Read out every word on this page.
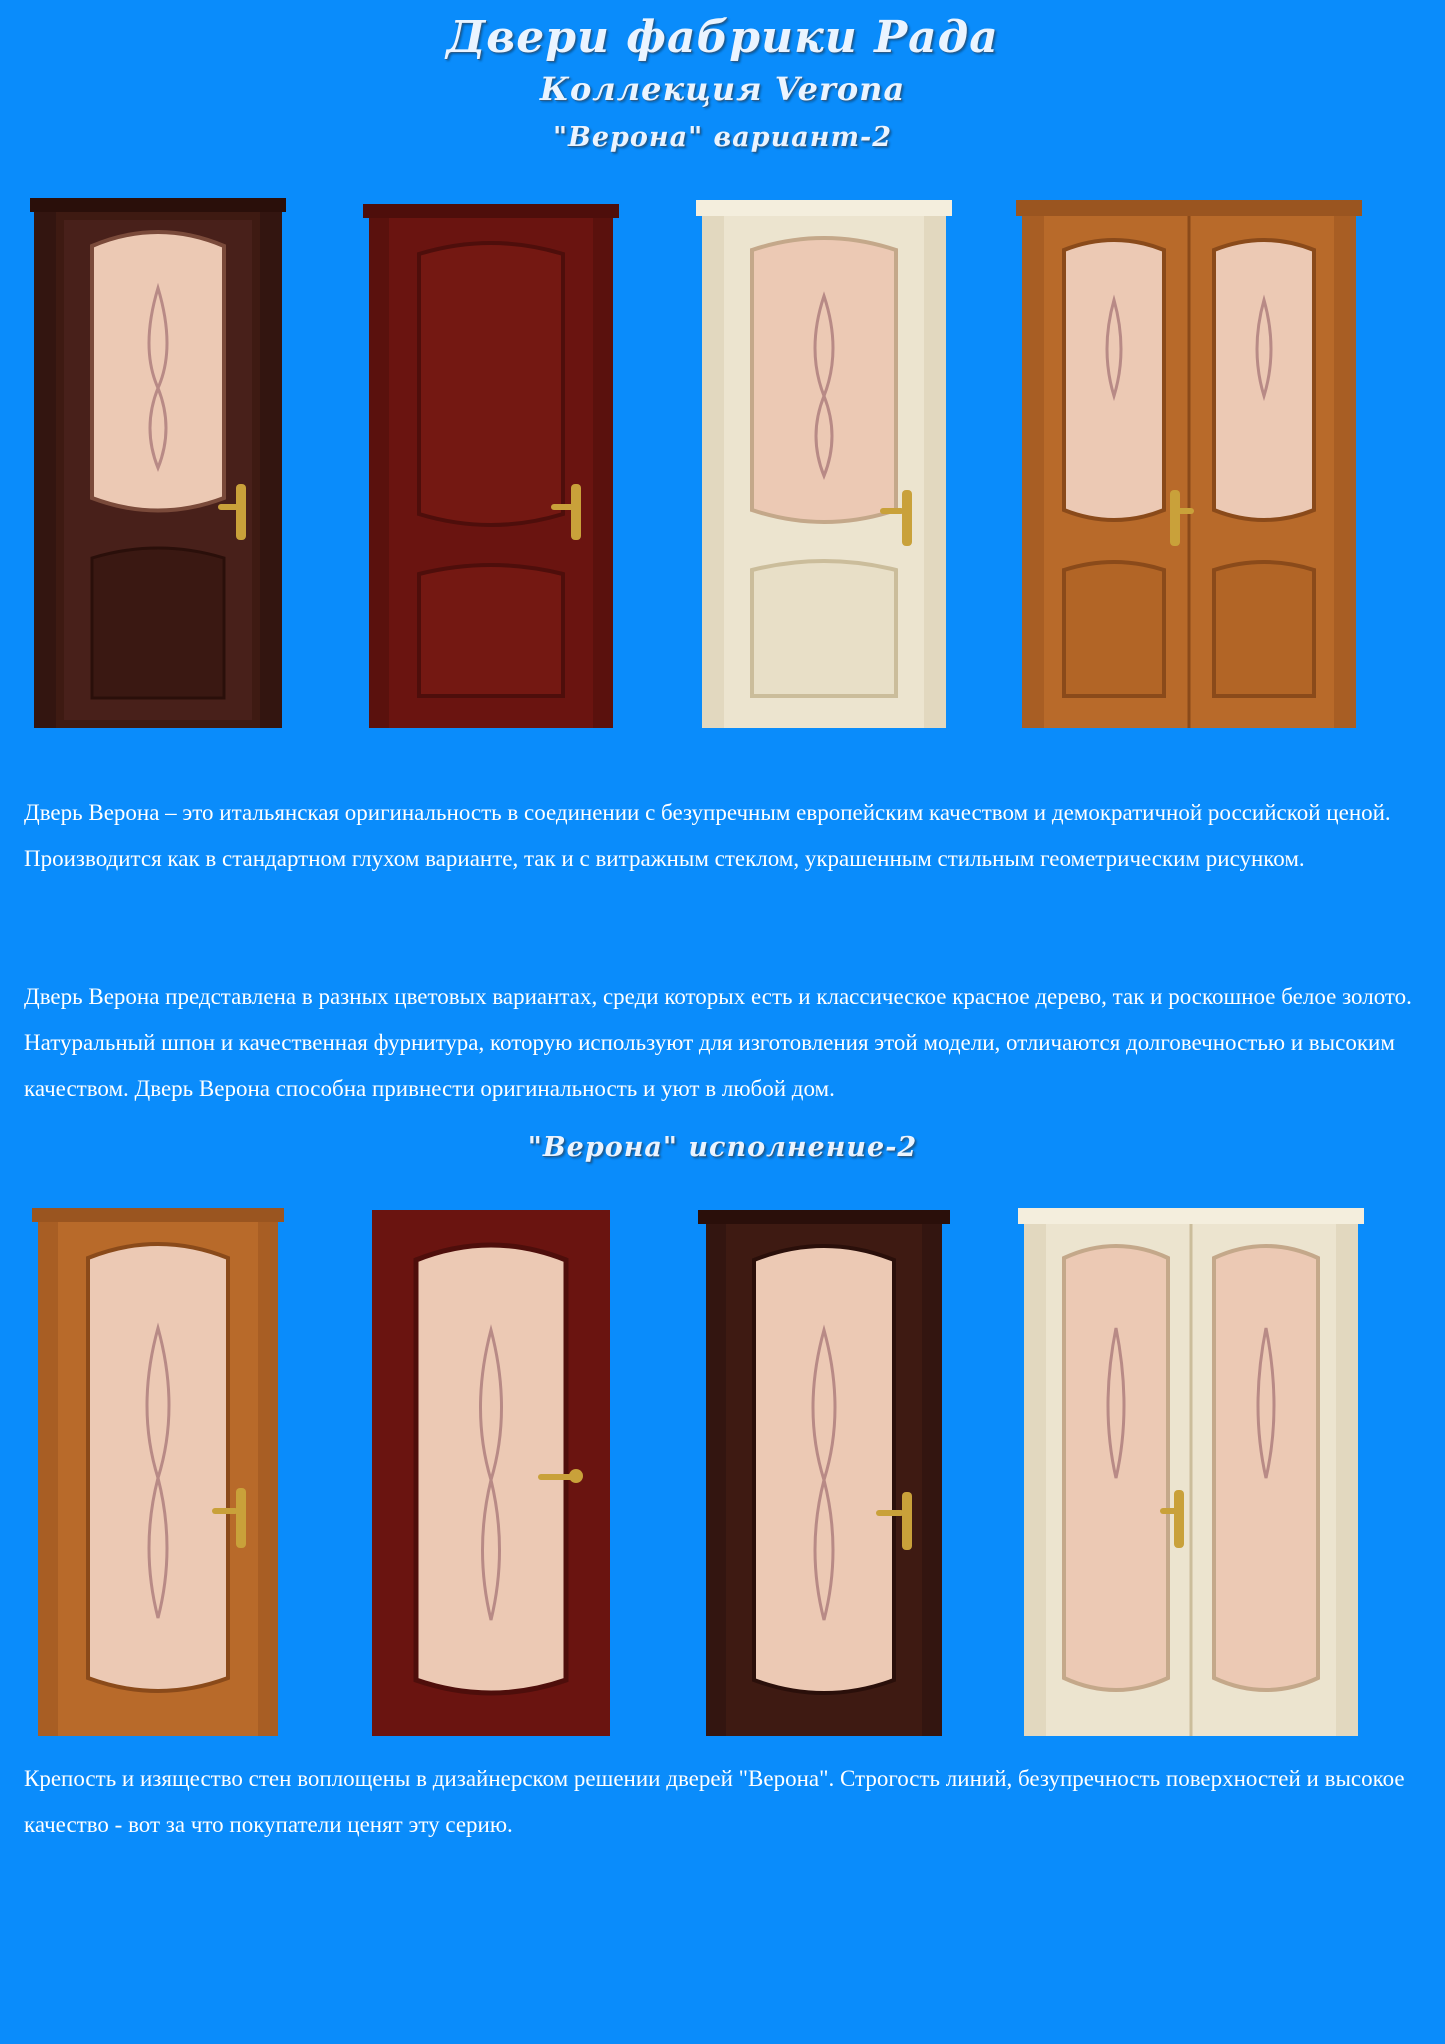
Двери фабрики Рада
Коллекция Verona
"Верона" вариант-2

Дверь Верона – это итальянская оригинальность в соединении с безупречным европейским качеством и демократичной российской ценой. Производится как в стандартном глухом варианте, так и с витражным стеклом, украшенным стильным геометрическим рисунком.

Дверь Верона представлена в разных цветовых вариантах, среди которых есть и классическое красное дерево, так и роскошное белое золото. Натуральный шпон и качественная фурнитура, которую используют для изготовления этой модели, отличаются долговечностью и высоким качеством. Дверь Верона способна привнести оригинальность и уют в любой дом.

"Верона" исполнение-2

Крепость и изящество стен воплощены в дизайнерском решении дверей "Верона". Строгость линий, безупречность поверхностей и высокое качество - вот за что покупатели ценят эту серию.
